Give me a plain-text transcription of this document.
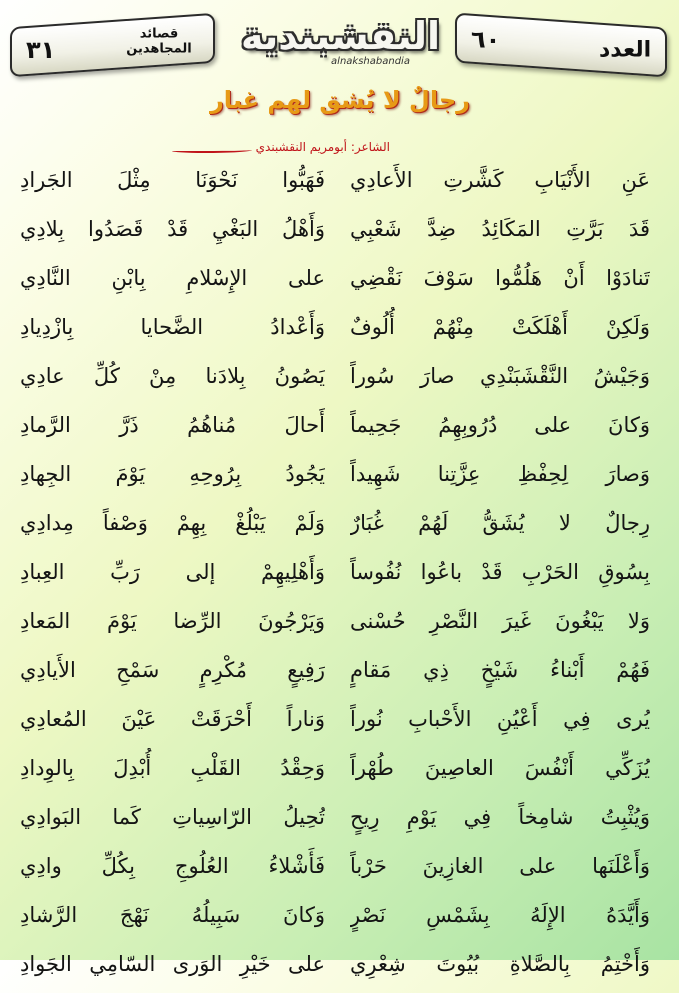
٣١
قصائد المجاهدين النقشبندية
alnakshabandia
٦٠	العدد
رجالٌ لا يُشق لهم غبار
الشاعر: أبومريم النقشبندي
عَنِ الأَنْيَابِ كَشَّرتِ الأَعادِي
فَهَبُّوا نَحْوَنَا مِثْلَ الجَرادِ
قَدَ بَرَّتِ المَكَائِدُ ضِدَّ شَعْبِي
وَأَهْلُ البَغْيِ قَدْ قَصَدُوا بِلادِي
تَنادَوْا أَنْ هَلُمُّوا سَوْفَ نَقْضِي
على الإِسْلامِ بِابْنِ النَّادِي
وَلَكِنْ أَهْلَكَتْ مِنْهُمْ أُلُوفٌ
وَأَعْدادُ الضَّحايا بِازْدِيادِ
وَجَيْشُ النَّقْشَبَنْدِي صارَ سُوراً
يَصُونُ بِلادَنا مِنْ كُلِّ عادِي
وَكانَ على دُرُوبِهِمُ جَحِيماً
أَحالَ مُناهُمُ ذَرَّ الرَّمادِ
وَصارَ لِحِفْظِ عِزَّتِنا شَهِيداً
يَجُودُ بِرُوحِهِ يَوْمَ الجِهادِ
رِجالٌ لا يُشَقُّ لَهُمْ غُبَارٌ
وَلَمْ يَبْلُغْ بِهِمْ وَصْفاً مِدادِي
بِسُوقِ الحَرْبِ قَدْ باعُوا نُفُوساً
وَأَهْلِيهِمْ إلى رَبِّ العِبادِ
وَلا يَبْغُونَ غَيرَ النَّصْرِ حُسْنى
وَيَرْجُونَ الرِّضا يَوْمَ المَعادِ
فَهُمْ أَبْناءُ شَيْخٍ ذِي مَقامٍ
رَفِيعٍ مُكْرِمٍ سَمْحِ الأَيادِي
يُرى فِي أَعْيُنِ الأَحْبابِ نُوراً
وَناراً أَحْرَقَتْ عَيْنَ المُعادِي
يُزَكِّي أَنْفُسَ العاصِينَ طُهْراً
وَحِقْدُ القَلْبِ أُبْدِلَ بِالوِدادِ
وَيُثْبِتُ شامِخاً فِي يَوْمِ رِيحٍ
تُحِيلُ الرّاسِياتِ كَما البَوادِي
وَأَعْلَنَها على الغازِينَ حَرْباً
فَأَشْلاءُ العُلُوجِ بِكُلِّ وادِي
وَأَيَّدَهُ الإِلَهُ بِشَمْسِ نَصْرٍ
وَكانَ سَبِيلُهُ نَهْجَ الرَّشادِ
وَأَخْتِمُ بِالصَّلاةِ بُيُوتَ شِعْرِي
على خَيْرِ الوَرى السّامِي الجَوادِ
